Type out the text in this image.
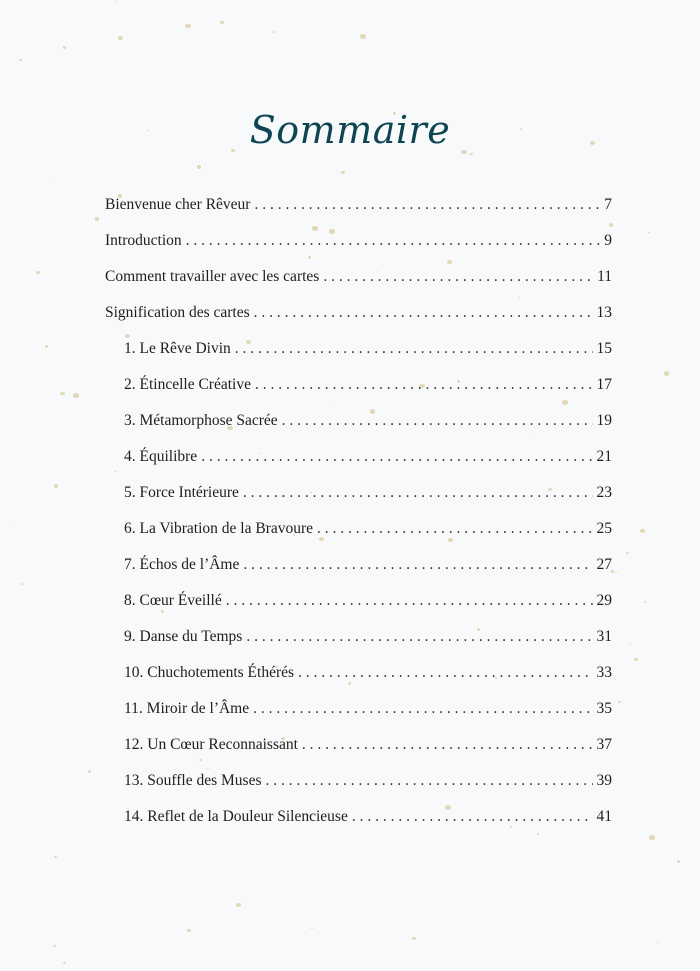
Sommaire
Bienvenue cher Rêveur . . .	7
Introduction . . .	9
Comment travailler avec les cartes . . .	11
Signification des cartes . . .	13
1. Le Rêve Divin . . .	15
2. Étincelle Créative . . .	17
3. Métamorphose Sacrée . . .	19
4. Équilibre . . .	21
5. Force Intérieure . . .	23
6. La Vibration de la Bravoure . . .	25
7. Échos de l’Âme . . .	27
8. Cœur Éveillé . . .	29
9. Danse du Temps . . .	31
10. Chuchotements Éthérés . . .	33
11. Miroir de l’Âme . . .	35
12. Un Cœur Reconnaissant . . .	37
13. Souffle des Muses . . .	39
14. Reflet de la Douleur Silencieuse . . .	41
